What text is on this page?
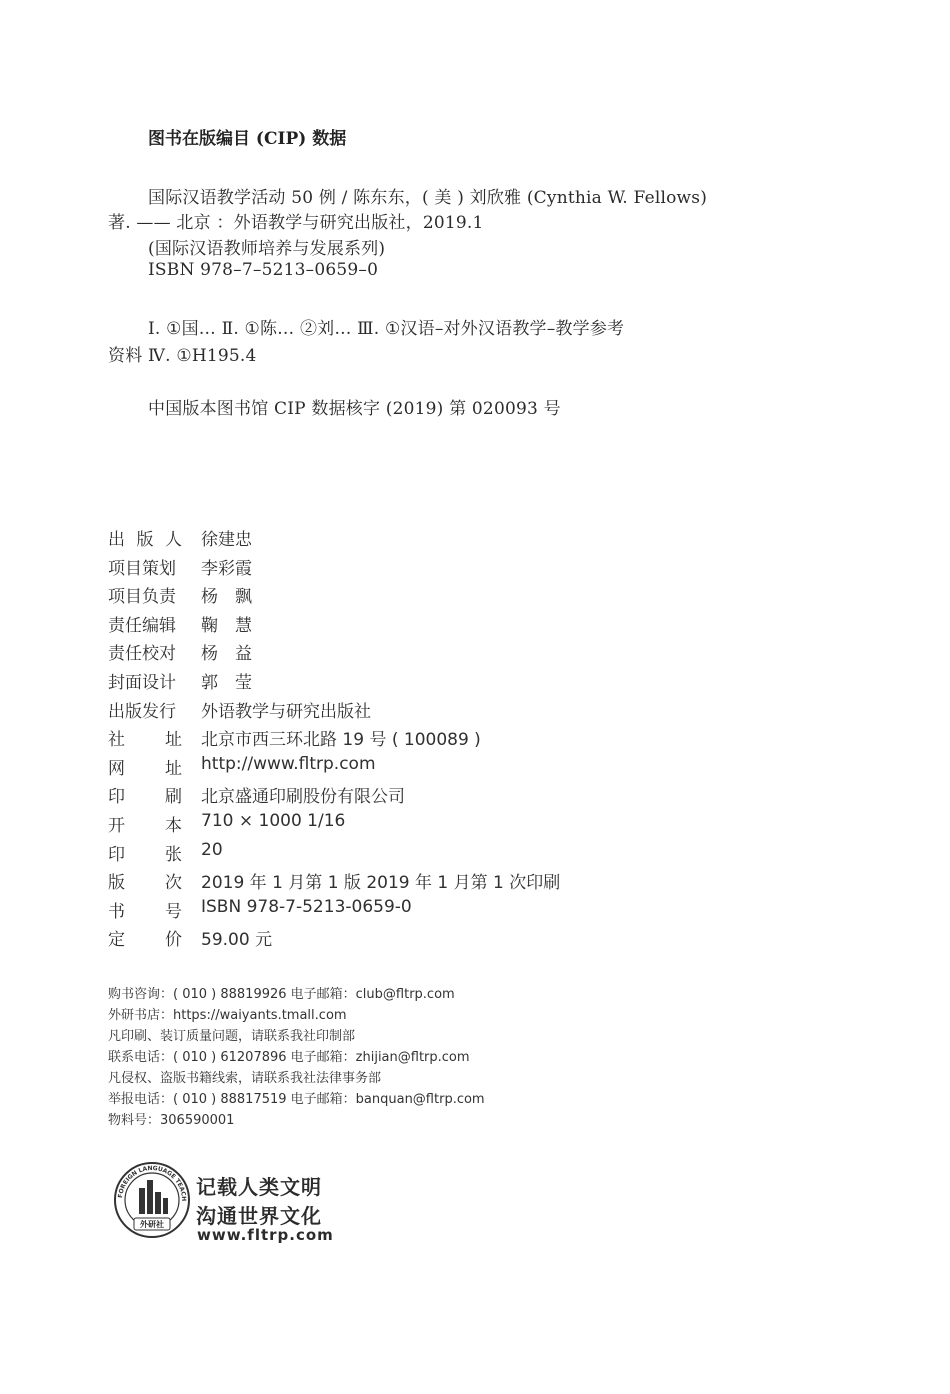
图书在版编目 (CIP) 数据
国际汉语教学活动 50 例 / 陈东东，( 美 ) 刘欣雅 (Cynthia W. Fellows)
著. —— 北京 ：外语教学与研究出版社，2019.1
(国际汉语教师培养与发展系列)
ISBN 978–7–5213–0659–0
Ⅰ. ①国… Ⅱ. ①陈… ②刘… Ⅲ. ①汉语–对外汉语教学–教学参考
资料 Ⅳ. ①H195.4
中国版本图书馆 CIP 数据核字 (2019) 第 020093 号
出 版 人 徐建忠
项目策划	李彩霞
项目负责	杨　飘
责任编辑	鞠　慧
责任校对	杨　益
封面设计	郭　莹
出版发行	外语教学与研究出版社
社 址 北京市西三环北路 19 号 ( 100089 )
网 址 http://www.fltrp.com
印 刷 北京盛通印刷股份有限公司
开 本 710 × 1000 1/16
印 张 20
版 次 2019 年 1 月第 1 版 2019 年 1 月第 1 次印刷
书 号 ISBN 978-7-5213-0659-0
定 价 59.00 元
购书咨询：( 010 ) 88819926 电子邮箱：club@fltrp.com
外研书店：https://waiyants.tmall.com
凡印刷、装订质量问题，请联系我社印制部
联系电话：( 010 ) 61207896 电子邮箱：zhijian@fltrp.com
凡侵权、盗版书籍线索，请联系我社法律事务部
举报电话：( 010 ) 88817519 电子邮箱：banquan@fltrp.com
物料号：306590001
FOREIGN LANGUAGE TEACH
外研社
记载人类文明
沟通世界文化
www.fltrp.com
